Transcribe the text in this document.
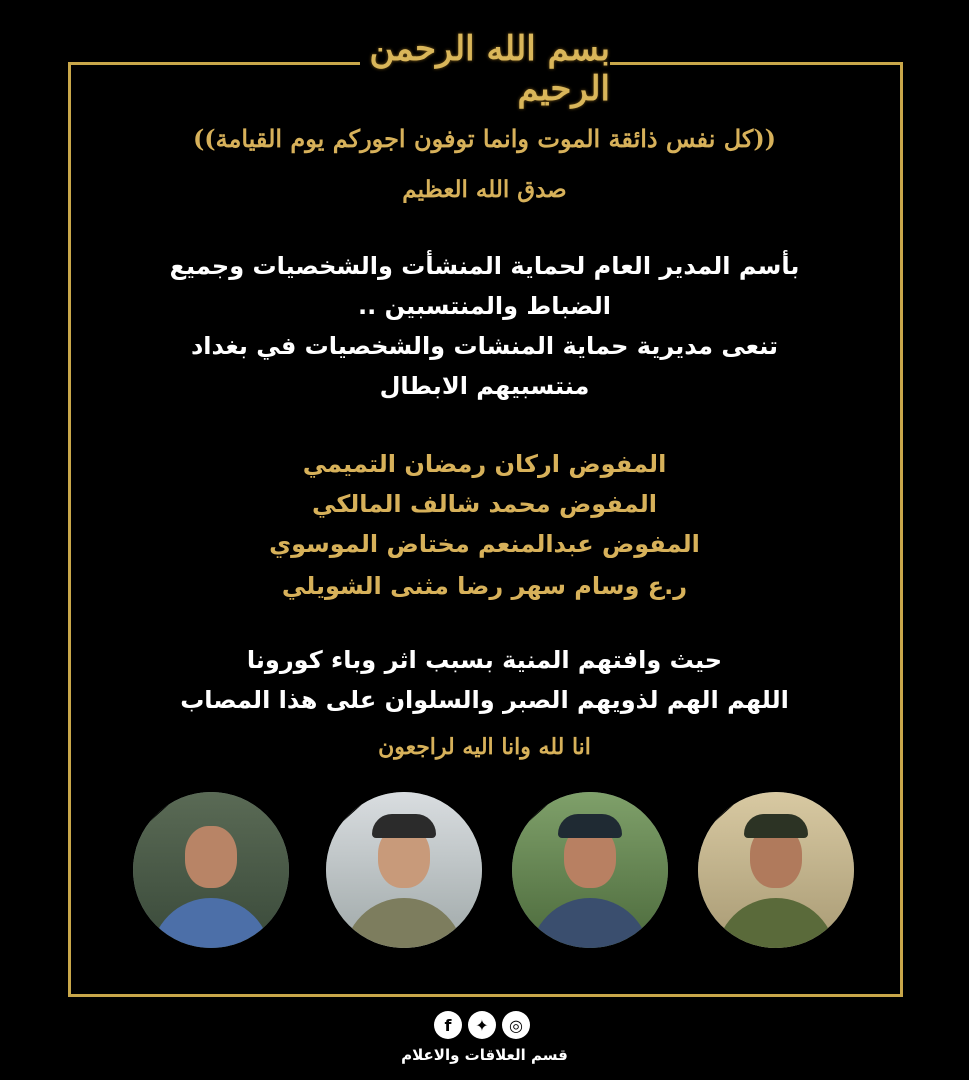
بسم الله الرحمن الرحيم
((كل نفس ذائقة الموت وانما توفون اجوركم يوم القيامة))
صدق الله العظيم
بأسم المدير العام لحماية المنشأت والشخصيات وجميع
الضباط والمنتسبين ..
تنعى مديرية حماية المنشات والشخصيات في بغداد
منتسبيهم الابطال
المفوض اركان رمضان التميمي
المفوض محمد شالف المالكي
المفوض عبدالمنعم مختاض الموسوي
ر.ع وسام سهر رضا مثنى الشويلي
حيث وافتهم المنية بسبب اثر وباء كورونا
اللهم الهم لذويهم الصبر والسلوان على هذا المصاب
انا لله وانا اليه لراجعون
f	✦	◎
قسم العلاقات والاعلام
